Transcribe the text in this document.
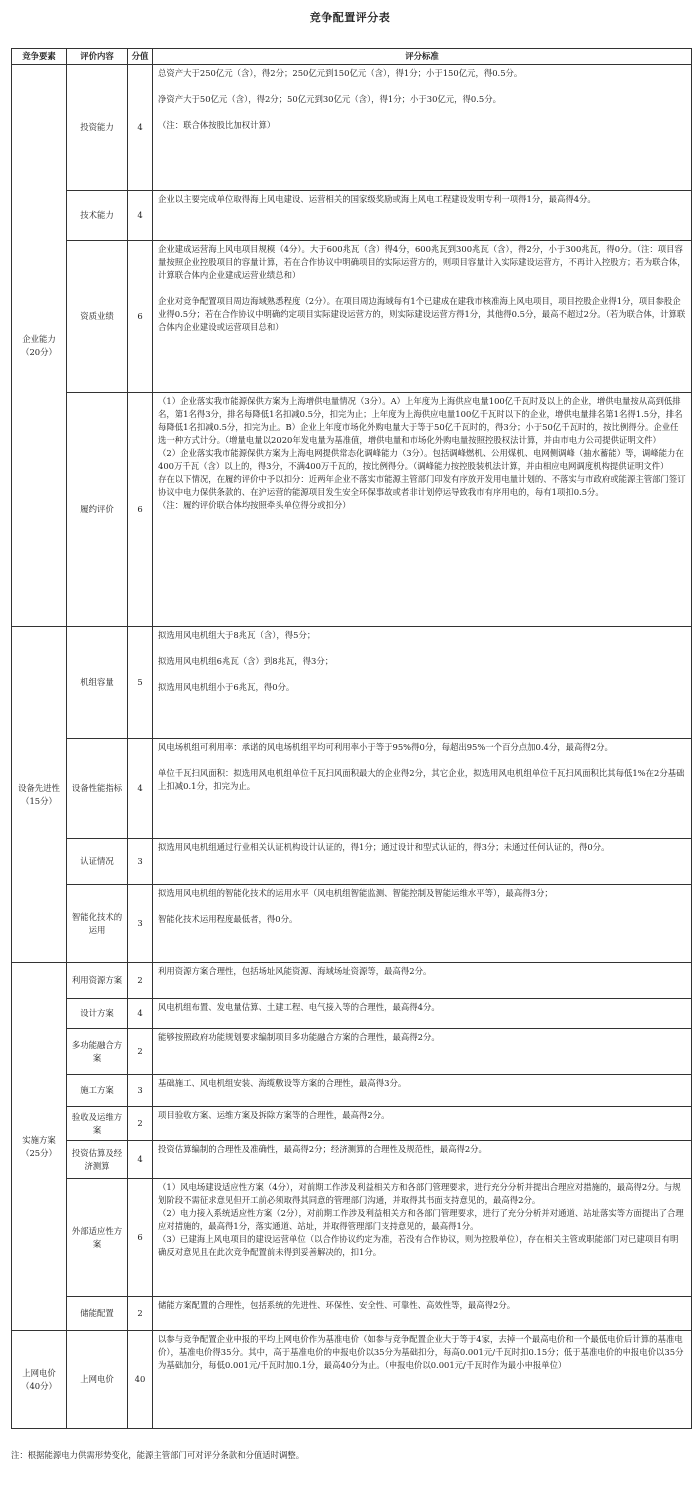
竞争配置评分表
竞争要素	评价内容	分值	评分标准
企业能力（20分）	投资能力	4	总资产大于250亿元（含），得2分；250亿元到150亿元（含），得1分；小于150亿元，得0.5分。

净资产大于50亿元（含），得2分；50亿元到30亿元（含），得1分；小于30亿元，得0.5分。

（注：联合体按股比加权计算）

	技术能力	4	企业以主要完成单位取得海上风电建设、运营相关的国家级奖励或海上风电工程建设发明专利一项得1分，最高得4分。

	资质业绩	6	企业建成运营海上风电项目规模（4分）。大于600兆瓦（含）得4分，600兆瓦到300兆瓦（含），得2分，小于300兆瓦，得0分。（注：项目容量按照企业控股项目的容量计算，若在合作协议中明确项目的实际运营方的，则项目容量计入实际建设运营方，不再计入控股方；若为联合体，计算联合体内企业建成运营业绩总和）

企业对竞争配置项目周边海域熟悉程度（2分）。在项目周边海域每有1个已建成在建我市核准海上风电项目，项目控股企业得1分，项目参股企业得0.5分；若在合作协议中明确约定项目实际建设运营方的，则实际建设运营方得1分，其他得0.5分，最高不超过2分。（若为联合体，计算联合体内企业建设或运营项目总和）

	履约评价	6	（1）企业落实我市能源保供方案为上海增供电量情况（3分）。A）上年度为上海供应电量100亿千瓦时及以上的企业，增供电量按从高到低排名，第1名得3分，排名每降低1名扣减0.5分，扣完为止；上年度为上海供应电量100亿千瓦时以下的企业，增供电量排名第1名得1.5分，排名每降低1名扣减0.5分，扣完为止。B）企业上年度市场化外购电量大于等于50亿千瓦时的，得3分；小于50亿千瓦时的，按比例得分。企业任选一种方式计分。（增量电量以2020年发电量为基准值，增供电量和市场化外购电量按照控股权法计算，并由市电力公司提供证明文件）

（2）企业落实我市能源保供方案为上海电网提供常态化调峰能力（3分）。包括调峰燃机、公用煤机、电网侧调峰（抽水蓄能）等，调峰能力在400万千瓦（含）以上的，得3分，不满400万千瓦的，按比例得分。（调峰能力按控股装机法计算，并由相应电网调度机构提供证明文件）

存在以下情况，在履约评价中予以扣分：近两年企业不落实市能源主管部门印发有序放开发用电量计划的、不落实与市政府或能源主管部门签订协议中电力保供条款的、在沪运营的能源项目发生安全环保事故或者非计划停运导致我市有序用电的，每有1项扣0.5分。

（注：履约评价联合体均按照牵头单位得分或扣分）

设备先进性（15分）	机组容量	5	拟选用风电机组大于8兆瓦（含），得5分；

拟选用风电机组6兆瓦（含）到8兆瓦，得3分；

拟选用风电机组小于6兆瓦，得0分。

	设备性能指标	4	风电场机组可利用率：承诺的风电场机组平均可利用率小于等于95%得0分，每超出95%一个百分点加0.4分，最高得2分。

单位千瓦扫风面积：拟选用风电机组单位千瓦扫风面积最大的企业得2分，其它企业，拟选用风电机组单位千瓦扫风面积比其每低1%在2分基础上扣减0.1分，扣完为止。

	认证情况	3	拟选用风电机组通过行业相关认证机构设计认证的，得1分；通过设计和型式认证的，得3分；未通过任何认证的，得0分。

	智能化技术的运用	3	拟选用风电机组的智能化技术的运用水平（风电机组智能监测、智能控制及智能运维水平等），最高得3分；

智能化技术运用程度最低者，得0分。

实施方案（25分）	利用资源方案	2	利用资源方案合理性，包括场址风能资源、海域场址资源等，最高得2分。

	设计方案	4	风电机组布置、发电量估算、土建工程、电气接入等的合理性，最高得4分。

	多功能融合方案	2	能够按照政府功能规划要求编制项目多功能融合方案的合理性，最高得2分。

	施工方案	3	基础施工、风电机组安装、海缆敷设等方案的合理性，最高得3分。

	验收及运维方案	2	项目验收方案、运维方案及拆除方案等的合理性，最高得2分。

	投资估算及经济测算	4	投资估算编制的合理性及准确性，最高得2分；经济测算的合理性及规范性，最高得2分。

	外部适应性方案	6	（1）风电场建设适应性方案（4分），对前期工作涉及利益相关方和各部门管理要求，进行充分分析并提出合理应对措施的，最高得2分。与规划阶段不需征求意见但开工前必须取得其同意的管理部门沟通，并取得其书面支持意见的，最高得2分。

（2）电力接入系统适应性方案（2分），对前期工作涉及利益相关方和各部门管理要求，进行了充分分析并对通道、站址落实等方面提出了合理应对措施的，最高得1分，落实通道、站址，并取得管理部门支持意见的，最高得1分。

（3）已建海上风电项目的建设运营单位（以合作协议约定为准，若没有合作协议，则为控股单位），存在相关主管或职能部门对已建项目有明确反对意见且在此次竞争配置前未得到妥善解决的，扣1分。

	储能配置	2	储能方案配置的合理性，包括系统的先进性、环保性、安全性、可靠性、高效性等，最高得2分。

上网电价（40分）	上网电价	40	以参与竞争配置企业申报的平均上网电价作为基准电价（如参与竞争配置企业大于等于4家，去掉一个最高电价和一个最低电价后计算的基准电价），基准电价得35分。其中，高于基准电价的申报电价以35分为基础扣分，每高0.001元/千瓦时扣0.15分；低于基准电价的申报电价以35分为基础加分，每低0.001元/千瓦时加0.1分，最高40分为止。（申报电价以0.001元/千瓦时作为最小申报单位）

注：根据能源电力供需形势变化，能源主管部门可对评分条款和分值适时调整。
